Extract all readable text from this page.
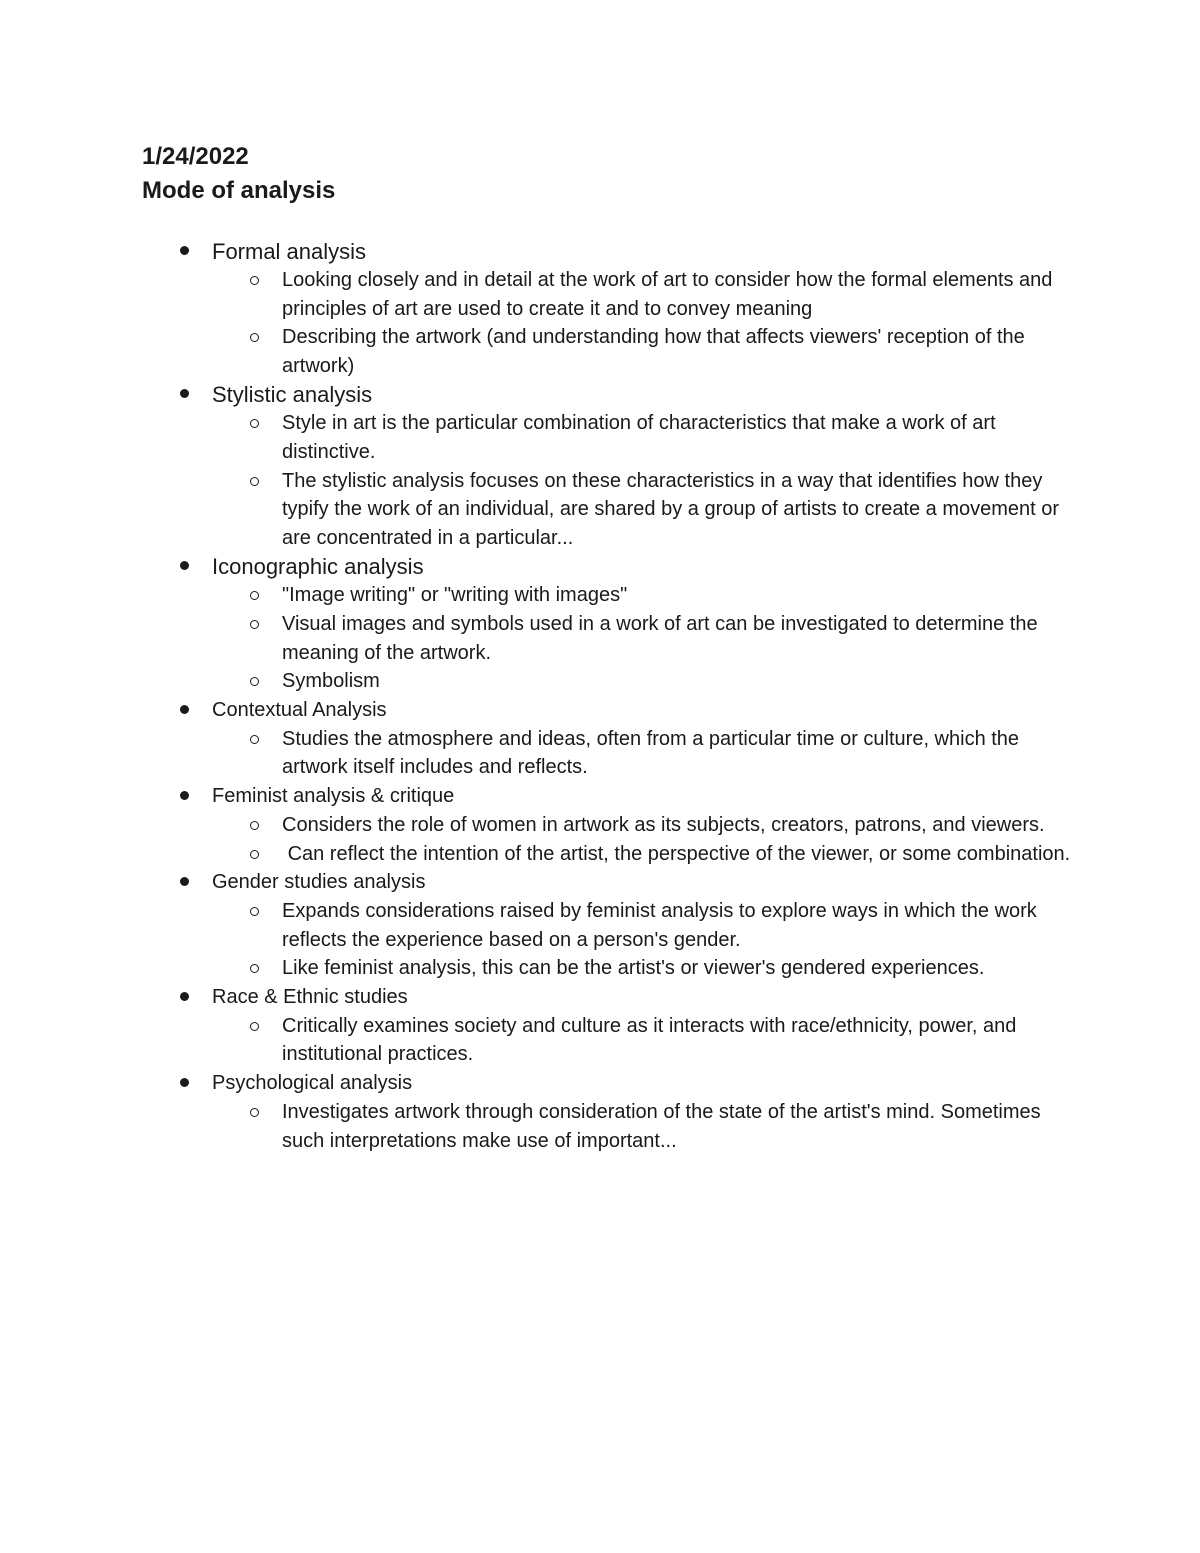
1/24/2022

Mode of analysis

Formal analysis

Looking closely and in detail at the work of art to consider how the formal elements and principles of art are used to create it and to convey meaning
Describing the artwork (and understanding how that affects viewers' reception of the artwork)

Stylistic analysis

Style in art is the particular combination of characteristics that make a work of art distinctive.
The stylistic analysis focuses on these characteristics in a way that identifies how they typify the work of an individual, are shared by a group of artists to create a movement or are concentrated in a particular...

Iconographic analysis

"Image writing" or "writing with images"
Visual images and symbols used in a work of art can be investigated to determine the meaning of the artwork.
Symbolism

Contextual Analysis

Studies the atmosphere and ideas, often from a particular time or culture, which the artwork itself includes and reflects.

Feminist analysis & critique

Considers the role of women in artwork as its subjects, creators, patrons, and viewers.
Can reflect the intention of the artist, the perspective of the viewer, or some combination.

Gender studies analysis

Expands considerations raised by feminist analysis to explore ways in which the work reflects the experience based on a person's gender.
Like feminist analysis, this can be the artist's or viewer's gendered experiences.

Race & Ethnic studies

Critically examines society and culture as it interacts with race/ethnicity, power, and institutional practices.

Psychological analysis

Investigates artwork through consideration of the state of the artist's mind. Sometimes such interpretations make use of important...
